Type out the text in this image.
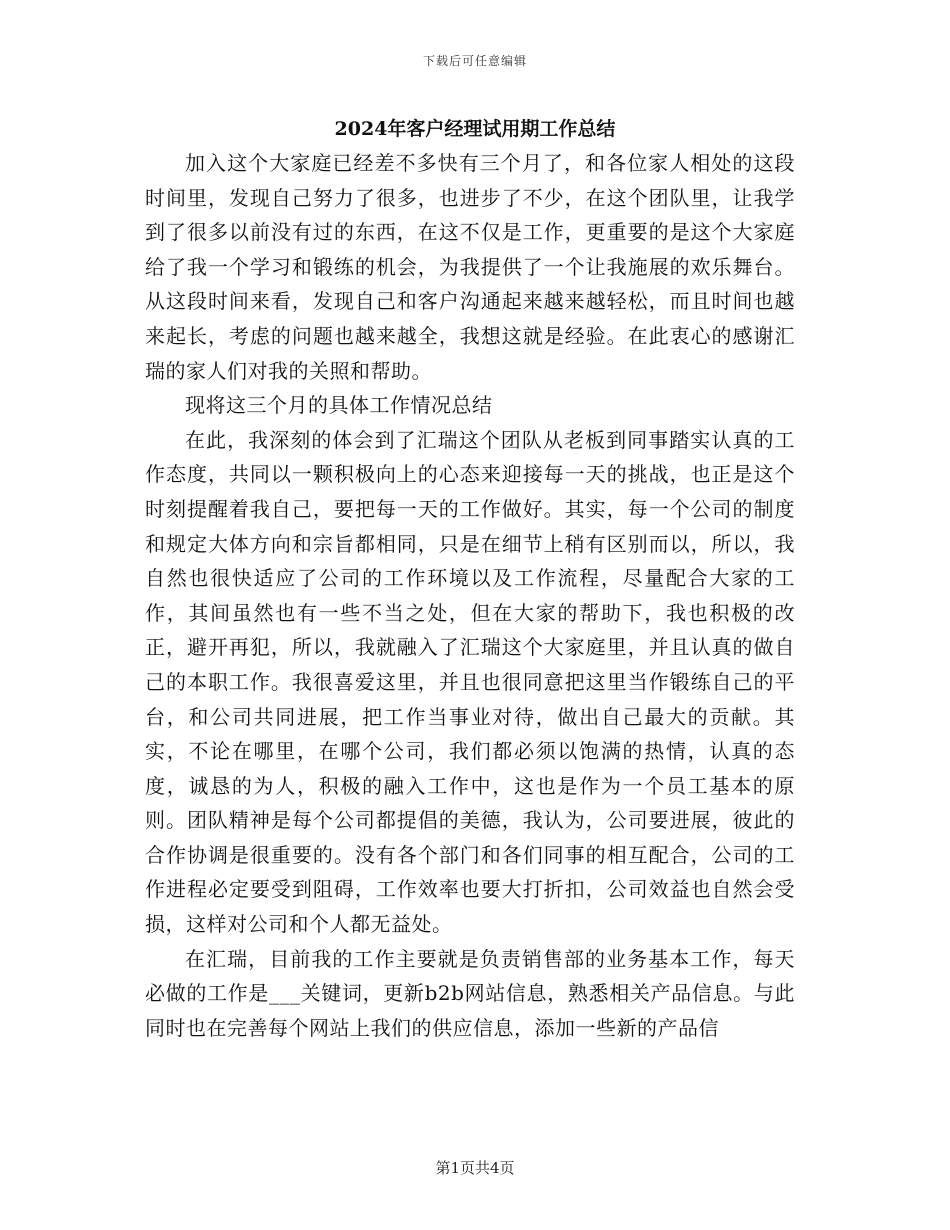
下载后可任意编辑
2024年客户经理试用期工作总结

加入这个大家庭已经差不多快有三个月了，和各位家人相处的这段时间里，发现自己努力了很多，也进步了不少，在这个团队里，让我学到了很多以前没有过的东西，在这不仅是工作，更重要的是这个大家庭给了我一个学习和锻练的机会，为我提供了一个让我施展的欢乐舞台。从这段时间来看，发现自己和客户沟通起来越来越轻松，而且时间也越来起长，考虑的问题也越来越全，我想这就是经验。在此衷心的感谢汇瑞的家人们对我的关照和帮助。

现将这三个月的具体工作情况总结

在此，我深刻的体会到了汇瑞这个团队从老板到同事踏实认真的工作态度，共同以一颗积极向上的心态来迎接每一天的挑战，也正是这个时刻提醒着我自己，要把每一天的工作做好。其实，每一个公司的制度和规定大体方向和宗旨都相同，只是在细节上稍有区别而以，所以，我自然也很快适应了公司的工作环境以及工作流程，尽量配合大家的工作，其间虽然也有一些不当之处，但在大家的帮助下，我也积极的改正，避开再犯，所以，我就融入了汇瑞这个大家庭里，并且认真的做自己的本职工作。我很喜爱这里，并且也很同意把这里当作锻练自己的平台，和公司共同进展，把工作当事业对待，做出自己最大的贡献。其实，不论在哪里，在哪个公司，我们都必须以饱满的热情，认真的态度，诚恳的为人，积极的融入工作中，这也是作为一个员工基本的原则。团队精神是每个公司都提倡的美德，我认为，公司要进展，彼此的合作协调是很重要的。没有各个部门和各们同事的相互配合，公司的工作进程必定要受到阻碍，工作效率也要大打折扣，公司效益也自然会受损，这样对公司和个人都无益处。

在汇瑞，目前我的工作主要就是负责销售部的业务基本工作，每天必做的工作是___关键词，更新b2b网站信息，熟悉相关产品信息。与此同时也在完善每个网站上我们的供应信息，添加一些新的产品信

第1页共4页
